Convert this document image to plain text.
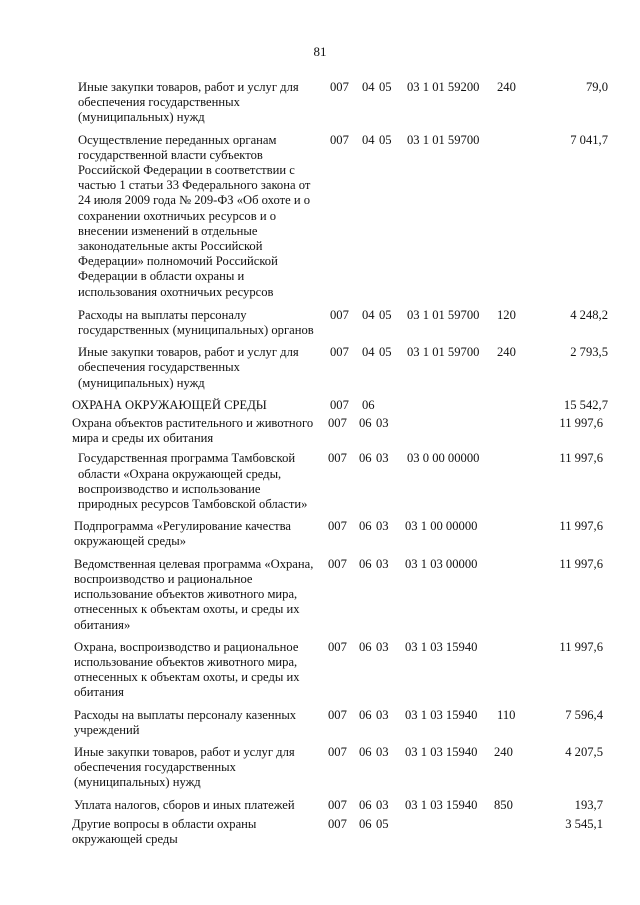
81
Иные закупки товаров, работ и услуг для обеспечения государственных (муниципальных) нужд
007 04 05 03 1 01 59200 240	79,0
Осуществление переданных органам государственной власти субъектов Российской Федерации в соответствии с частью 1 статьи 33 Федерального закона от 24 июля 2009 года № 209-ФЗ «Об охоте и о сохранении охотничьих ресурсов и о внесении изменений в отдельные законодательные акты Российской Федерации» полномочий Российской Федерации в области охраны и использования охотничьих ресурсов
007 04 05 03 1 01 59700	7 041,7
Расходы на выплаты персоналу государственных (муниципальных) органов
007 04 05 03 1 01 59700 120	4 248,2
Иные закупки товаров, работ и услуг для обеспечения государственных (муниципальных) нужд
007 04 05 03 1 01 59700 240	2 793,5
ОХРАНА ОКРУЖАЮЩЕЙ СРЕДЫ	007 06	15 542,7
Охрана объектов растительного и животного мира и среды их обитания
007 06 03	11 997,6
Государственная программа Тамбовской области «Охрана окружающей среды, воспроизводство и использование природных ресурсов Тамбовской области»
007 06 03 03 0 00 00000	11 997,6
Подпрограмма «Регулирование качества окружающей среды»
007 06 03 03 1 00 00000	11 997,6
Ведомственная целевая программа «Охрана, воспроизводство и рациональное использование объектов животного мира, отнесенных к объектам охоты, и среды их обитания»
007 06 03 03 1 03 00000	11 997,6
Охрана, воспроизводство и рациональное использование объектов животного мира, отнесенных к объектам охоты, и среды их обитания
007 06 03 03 1 03 15940	11 997,6
Расходы на выплаты персоналу казенных учреждений
007 06 03 03 1 03 15940 110	7 596,4
Иные закупки товаров, работ и услуг для обеспечения государственных (муниципальных) нужд
007 06 03 03 1 03 15940 240	4 207,5
Уплата налогов, сборов и иных платежей	007 06 03 03 1 03 15940 850	193,7
Другие вопросы в области охраны окружающей среды
007 06 05	3 545,1
